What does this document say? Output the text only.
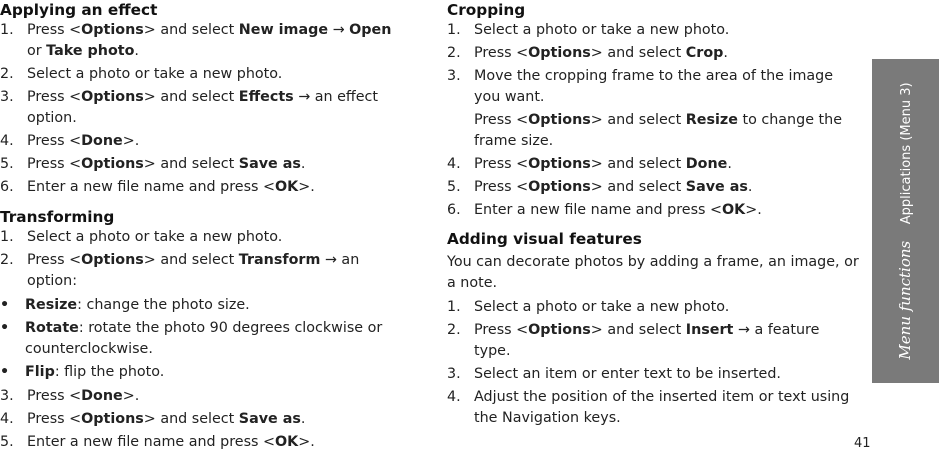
Applying an effect
1. Press <Options> and select New image → Open or Take photo.
2. Select a photo or take a new photo.
3. Press <Options> and select Effects → an effect option.
4. Press <Done>.
5. Press <Options> and select Save as.
6. Enter a new file name and press <OK>.
Transforming
1. Select a photo or take a new photo.
2. Press <Options> and select Transform → an option:
• Resize: change the photo size.
• Rotate: rotate the photo 90 degrees clockwise or counterclockwise.
• Flip: flip the photo.
3. Press <Done>.
4. Press <Options> and select Save as.
5. Enter a new file name and press <OK>.
Cropping
1. Select a photo or take a new photo.
2. Press <Options> and select Crop.
3. Move the cropping frame to the area of the image you want.

Press <Options> and select Resize to change the frame size.

4. Press <Options> and select Done.
5. Press <Options> and select Save as.
6. Enter a new file name and press <OK>.
Adding visual features

You can decorate photos by adding a frame, an image, or a note.

1. Select a photo or take a new photo.
2. Press <Options> and select Insert → a feature type.
3. Select an item or enter text to be inserted.
4. Adjust the position of the inserted item or text using the Navigation keys.
Menu functions    Applications (Menu 3)
41
